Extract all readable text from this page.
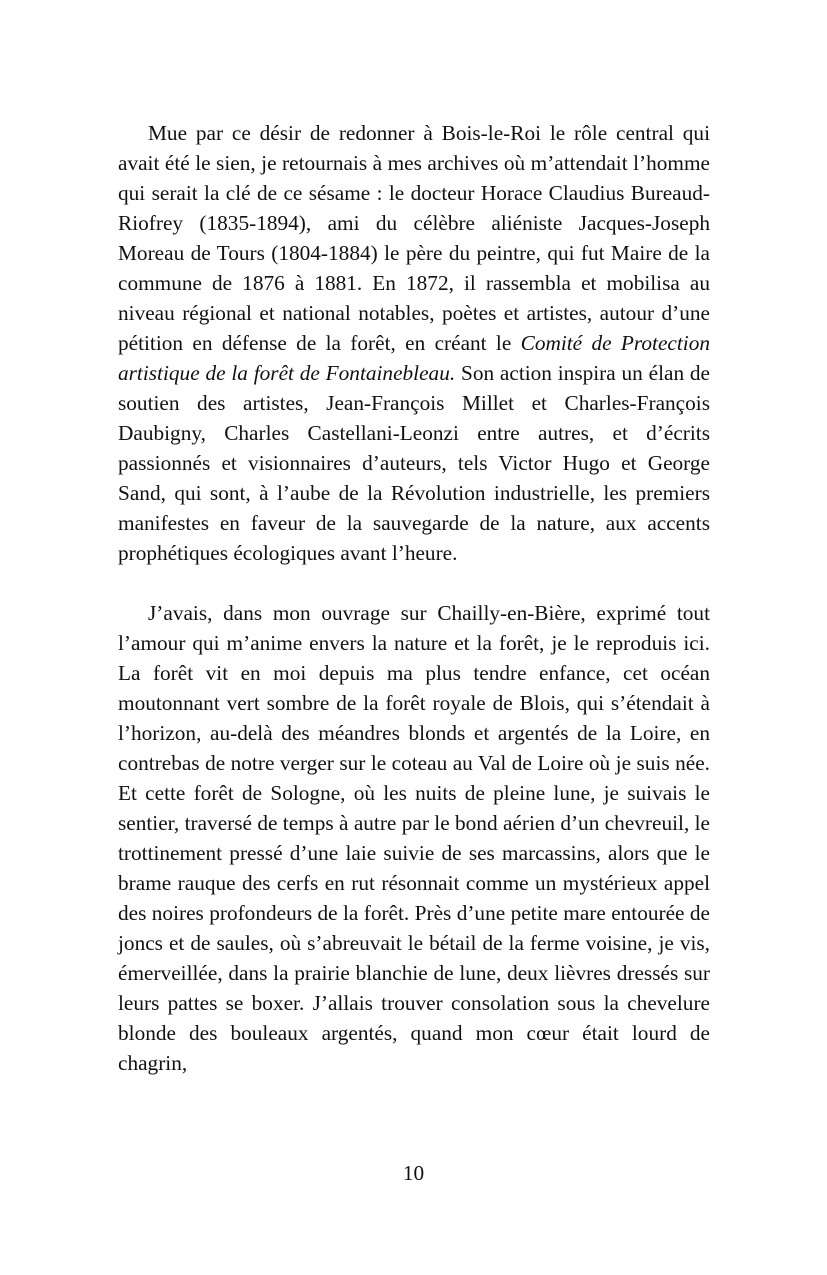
Mue par ce désir de redonner à Bois-le-Roi le rôle central qui avait été le sien, je retournais à mes archives où m’attendait l’homme qui serait la clé de ce sésame : le docteur Horace Claudius Bureaud-Riofrey (1835-1894), ami du célèbre aliéniste Jacques-Joseph Moreau de Tours (1804-1884) le père du peintre, qui fut Maire de la commune de 1876 à 1881. En 1872, il rassembla et mobilisa au niveau régional et national notables, poètes et artistes, autour d’une pétition en défense de la forêt, en créant le Comité de Protection artistique de la forêt de Fontainebleau. Son action inspira un élan de soutien des artistes, Jean-François Millet et Charles-François Daubigny, Charles Castellani-Leonzi entre autres, et d’écrits passionnés et visionnaires d’auteurs, tels Victor Hugo et George Sand, qui sont, à l’aube de la Révolution industrielle, les premiers manifestes en faveur de la sauvegarde de la nature, aux accents prophétiques écologiques avant l’heure.

J’avais, dans mon ouvrage sur Chailly-en-Bière, exprimé tout l’amour qui m’anime envers la nature et la forêt, je le reproduis ici. La forêt vit en moi depuis ma plus tendre enfance, cet océan moutonnant vert sombre de la forêt royale de Blois, qui s’étendait à l’horizon, au-delà des méandres blonds et argentés de la Loire, en contrebas de notre verger sur le coteau au Val de Loire où je suis née. Et cette forêt de Sologne, où les nuits de pleine lune, je suivais le sentier, traversé de temps à autre par le bond aérien d’un chevreuil, le trottinement pressé d’une laie suivie de ses marcassins, alors que le brame rauque des cerfs en rut résonnait comme un mystérieux appel des noires profondeurs de la forêt. Près d’une petite mare entourée de joncs et de saules, où s’abreuvait le bétail de la ferme voisine, je vis, émerveillée, dans la prairie blanchie de lune, deux lièvres dressés sur leurs pattes se boxer. J’allais trouver consolation sous la chevelure blonde des bouleaux argentés, quand mon cœur était lourd de chagrin,

10
